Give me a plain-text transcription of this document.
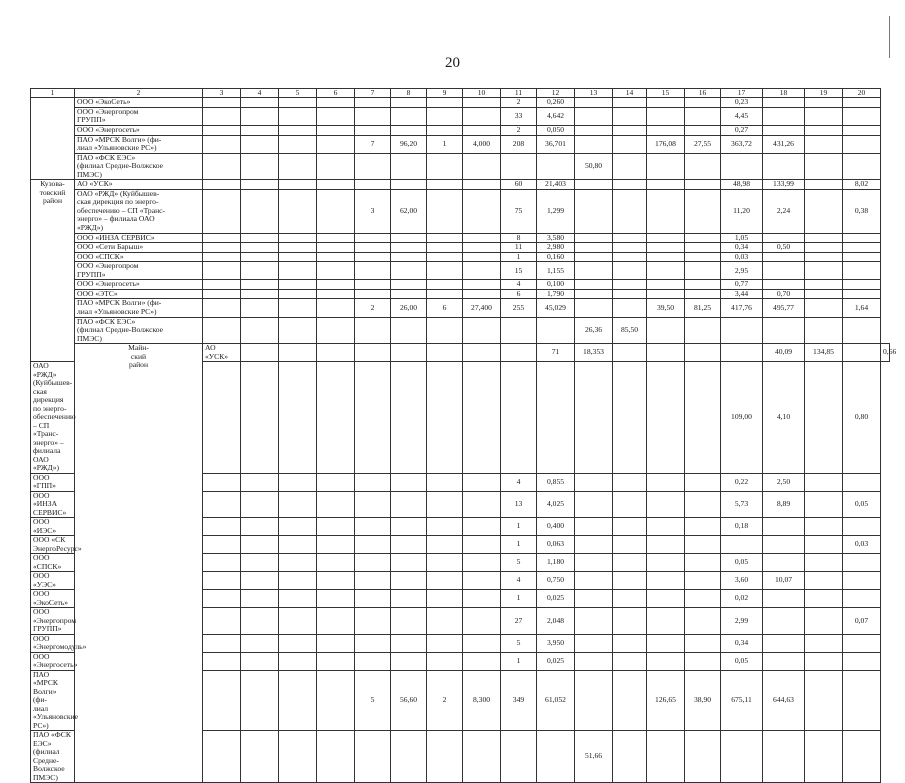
20
1	2	3	4	5	6	7	8	9	10	11	12	13	14	15	16	17	18	19	20	

	ООО «ЭкоСеть»									2	0,260					0,23				

	ООО «Энергопром
ГРУПП»									33	4,642					4,45				

	ООО «Энергосеть»									2	0,050					0,27				

	ПАО «МРСК Волги» (фи-
лиал «Ульяновские РС»)					7	96,20	1	4,000	208	36,701			176,08	27,55	363,72	431,26			

	ПАО «ФСК ЕЭС»
(филиал Средне-Волжское
ПМЭС)											50,80								

Кузова-
товский
район	АО «УСК»									60	21,403					48,98	133,99		8,02	

	ОАО «РЖД» (Куйбышев-
ская дирекция по энерго-
обеспечению – СП «Транс-
энерго» – филиала ОАО
«РЖД»)					3	62,00			75	1,299					11,20	2,24		0,38	

	ООО «ИНЗА СЕРВИС»									8	3,580					1,05				

	ООО «Сети Барыш»									11	2,980					0,34	0,50			

	ООО «СПСК»									1	0,160					0,03				

	ООО «Энергопром
ГРУПП»									15	1,155					2,95				

	ООО «Энергосеть»									4	0,100					0,77				

	ООО «ЭТС»									6	1,790					3,44	0,70			

	ПАО «МРСК Волги» (фи-
лиал «Ульяновские РС»)					2	26,00	6	27,400	255	45,029			39,50	81,25	417,76	495,77		1,64	

	ПАО «ФСК ЕЭС»
(филиал Средне-Волжское
ПМЭС)											26,36	85,50							

	Майн-
ский
район	АО «УСК»									71	18,353					40,09	134,85		0,66

ОАО «РЖД» (Куйбышев-
ская дирекция по энерго-
обеспечению – СП «Транс-
энерго» – филиала ОАО
«РЖД»)																109,00	4,10		0,80	

ООО «ГПП»										4	0,855					0,22	2,50			

ООО «ИНЗА СЕРВИС»										13	4,025					5,73	8,89		0,05	

ООО «ИЭС»										1	0,400					0,18				

ООО «СК ЭнергоРесурс»										1	0,063								0,03	

ООО «СПСК»										5	1,180					0,05				

ООО «УЭС»										4	0,750					3,60	10,07			

ООО «ЭкоСеть»										1	0,025					0,02				

ООО «Энергопром
ГРУПП»										27	2,048					2,99			0,07	

ООО «Энергомодуль»										5	3,950					0,34				

ООО «Энергосеть»										1	0,025					0,05				

ПАО «МРСК Волги» (фи-
лиал «Ульяновские РС»)						5	56,60	2	8,300	349	61,052			126,65	38,90	675,11	644,63			

ПАО «ФСК ЕЭС»
(филиал Средне-Волжское
ПМЭС)												51,66								
